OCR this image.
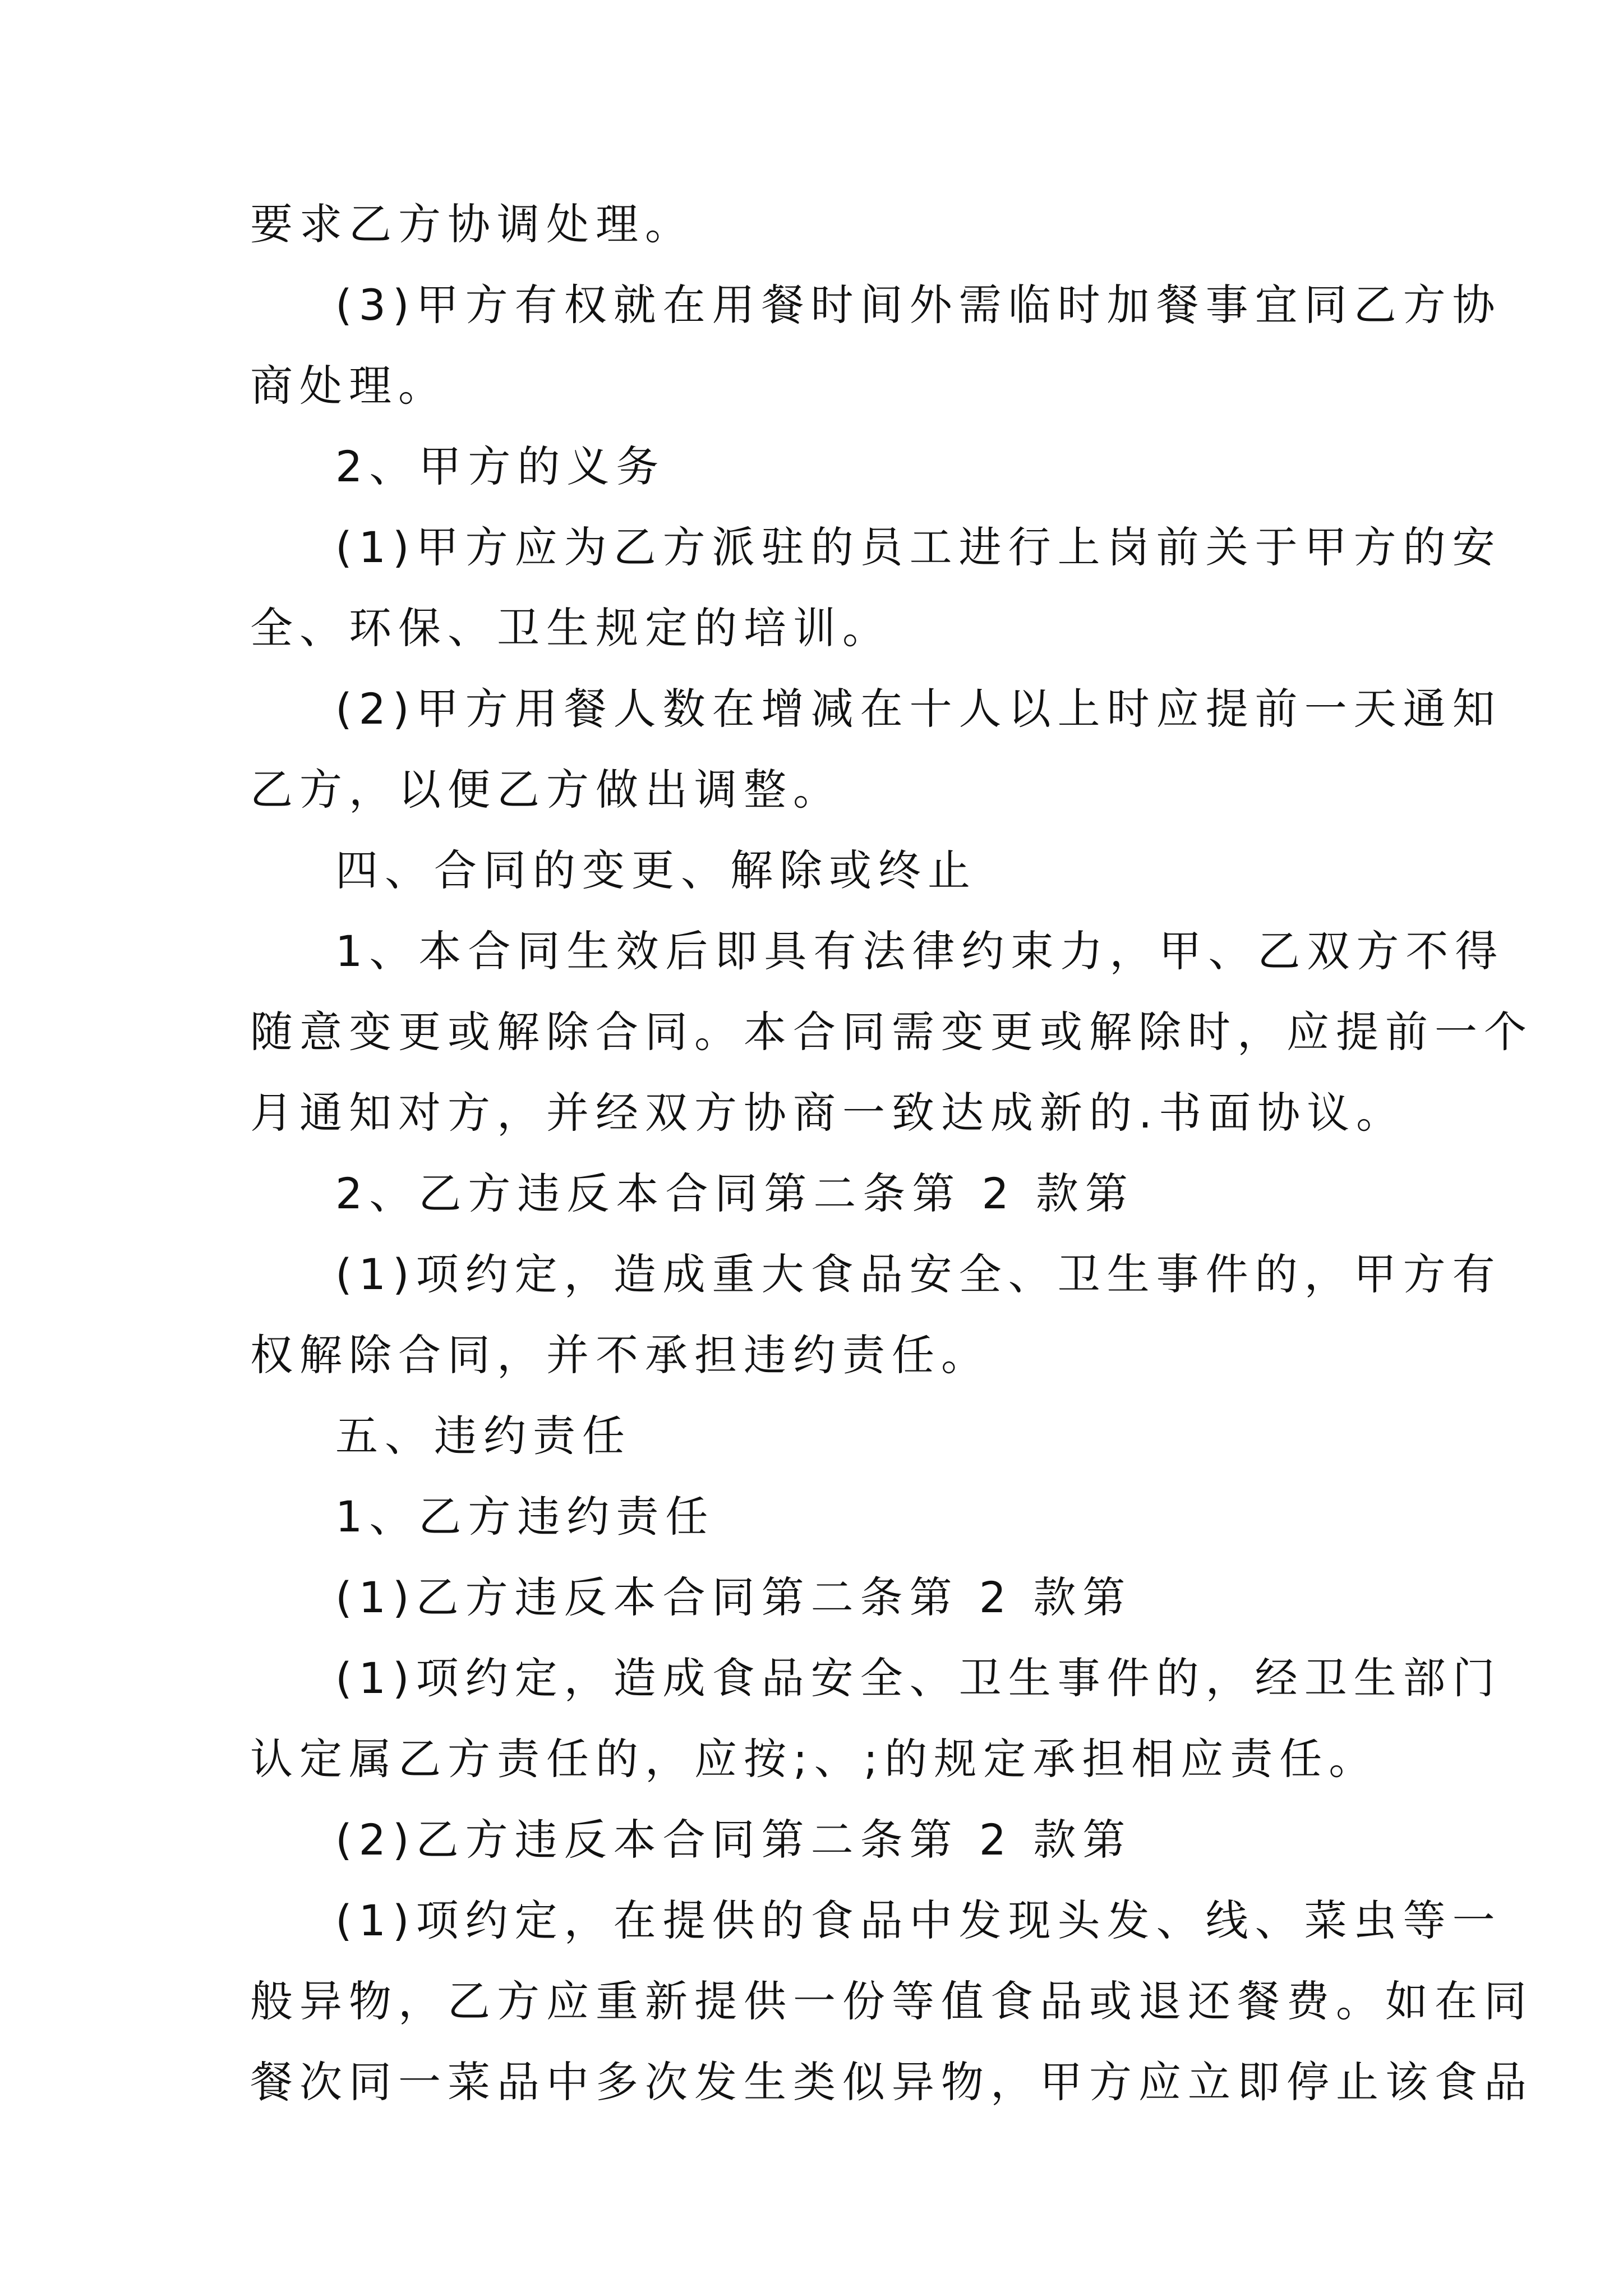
要求乙方协调处理。
(3)甲方有权就在用餐时间外需临时加餐事宜同乙方协
商处理。
2、甲方的义务
(1)甲方应为乙方派驻的员工进行上岗前关于甲方的安
全、环保、卫生规定的培训。
(2)甲方用餐人数在增减在十人以上时应提前一天通知
乙方，以便乙方做出调整。
四、合同的变更、解除或终止
1、本合同生效后即具有法律约束力，甲、乙双方不得
随意变更或解除合同。本合同需变更或解除时，应提前一个
月通知对方，并经双方协商一致达成新的.书面协议。
2、乙方违反本合同第二条第 2 款第
(1)项约定，造成重大食品安全、卫生事件的，甲方有
权解除合同，并不承担违约责任。
五、违约责任
1、乙方违约责任
(1)乙方违反本合同第二条第 2 款第
(1)项约定，造成食品安全、卫生事件的，经卫生部门
认定属乙方责任的，应按;、;的规定承担相应责任。
(2)乙方违反本合同第二条第 2 款第
(1)项约定，在提供的食品中发现头发、线、菜虫等一
般异物，乙方应重新提供一份等值食品或退还餐费。如在同
餐次同一菜品中多次发生类似异物，甲方应立即停止该食品
